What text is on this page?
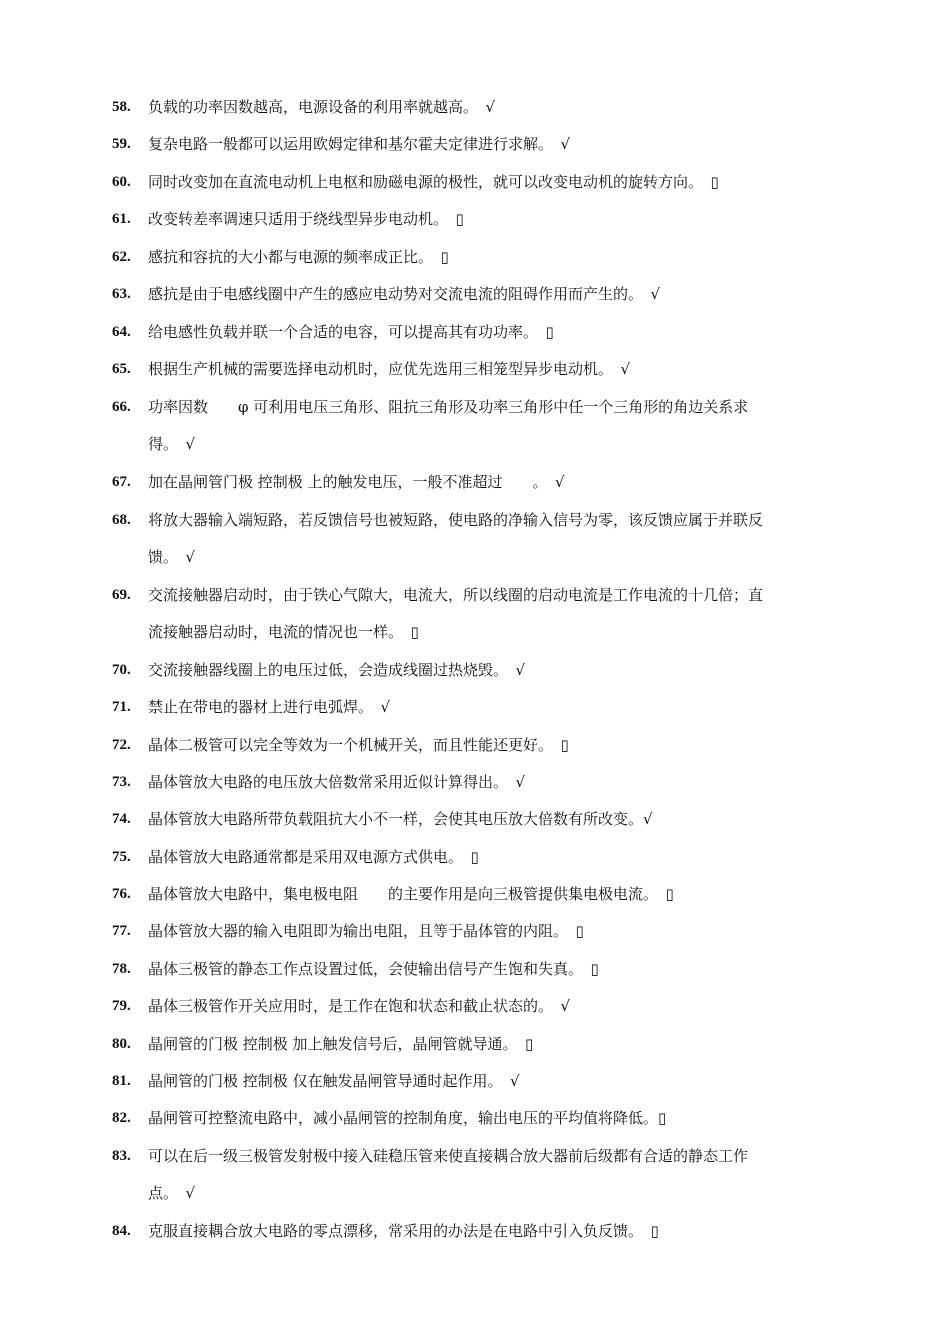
58. 负载的功率因数越高，电源设备的利用率就越高。　√
59. 复杂电路一般都可以运用欧姆定律和基尔霍夫定律进行求解。　√
60. 同时改变加在直流电动机上电枢和励磁电源的极性，就可以改变电动机的旋转方向。　▯
61. 改变转差率调速只适用于绕线型异步电动机。　▯
62. 感抗和容抗的大小都与电源的频率成正比。　▯
63. 感抗是由于电感线圈中产生的感应电动势对交流电流的阻碍作用而产生的。　√
64. 给电感性负载并联一个合适的电容，可以提高其有功功率。　▯
65. 根据生产机械的需要选择电动机时，应优先选用三相笼型异步电动机。　√
66. 功率因数　　φ 可利用电压三角形、阻抗三角形及功率三角形中任一个三角形的角边关系求
得。　√
67. 加在晶闸管门极 控制极 上的触发电压，一般不准超过　　。　√
68. 将放大器输入端短路，若反馈信号也被短路，使电路的净输入信号为零，该反馈应属于并联反
馈。　√
69. 交流接触器启动时，由于铁心气隙大，电流大，所以线圈的启动电流是工作电流的十几倍；直
流接触器启动时，电流的情况也一样。　▯
70. 交流接触器线圈上的电压过低，会造成线圈过热烧毁。　√
71. 禁止在带电的器材上进行电弧焊。　√
72. 晶体二极管可以完全等效为一个机械开关，而且性能还更好。　▯
73. 晶体管放大电路的电压放大倍数常采用近似计算得出。　√
74. 晶体管放大电路所带负载阻抗大小不一样，会使其电压放大倍数有所改变。√
75. 晶体管放大电路通常都是采用双电源方式供电。　▯
76. 晶体管放大电路中，集电极电阻　　的主要作用是向三极管提供集电极电流。　▯
77. 晶体管放大器的输入电阻即为输出电阻，且等于晶体管的内阻。　▯
78. 晶体三极管的静态工作点设置过低，会使输出信号产生饱和失真。　▯
79. 晶体三极管作开关应用时，是工作在饱和状态和截止状态的。　√
80. 晶闸管的门极 控制极 加上触发信号后，晶闸管就导通。　▯
81. 晶闸管的门极 控制极 仅在触发晶闸管导通时起作用。　√
82. 晶闸管可控整流电路中，减小晶闸管的控制角度，输出电压的平均值将降低。▯
83. 可以在后一级三极管发射极中接入硅稳压管来使直接耦合放大器前后级都有合适的静态工作
点。　√
84. 克服直接耦合放大电路的零点漂移，常采用的办法是在电路中引入负反馈。　▯
